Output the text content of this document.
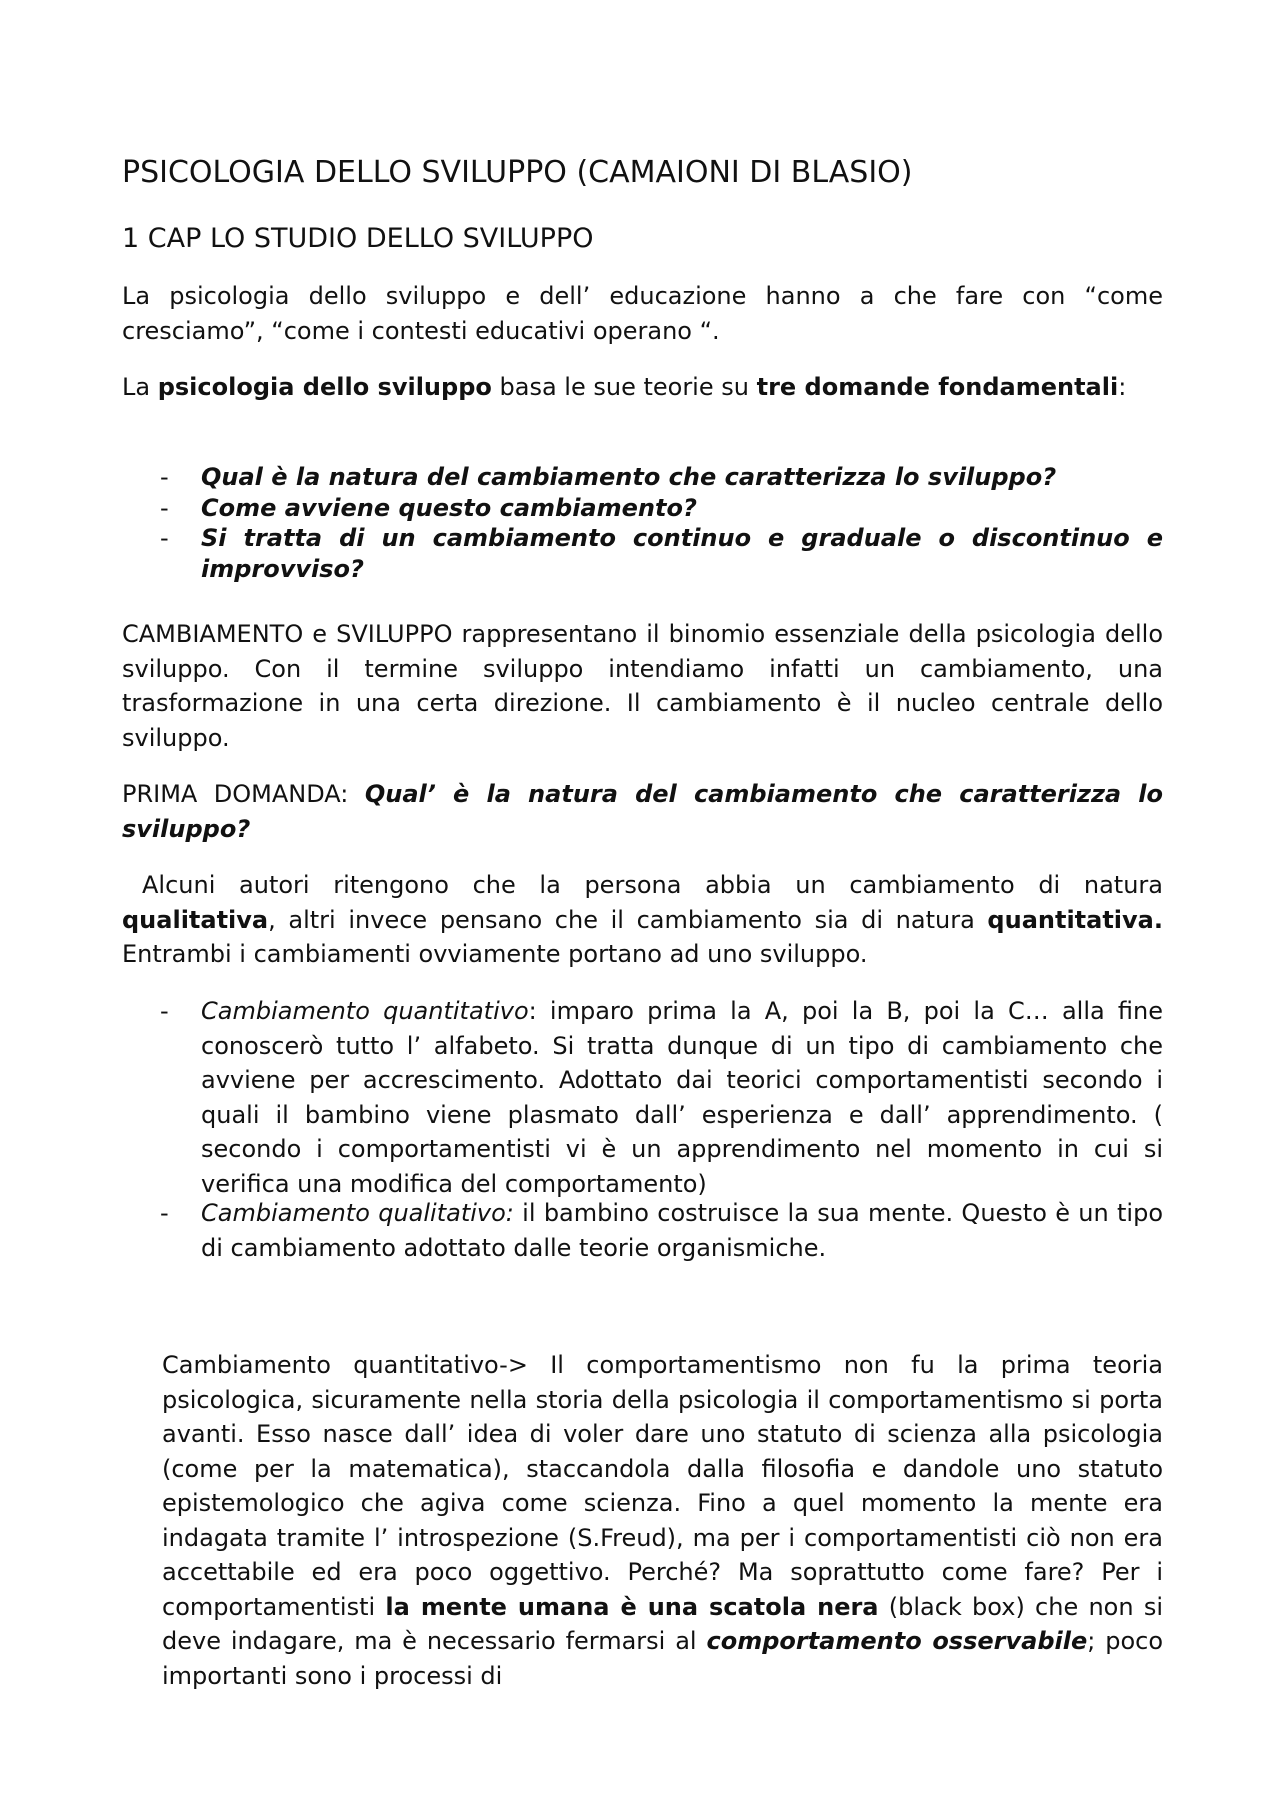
PSICOLOGIA DELLO SVILUPPO (CAMAIONI DI BLASIO)
1 CAP LO STUDIO DELLO SVILUPPO

La psicologia dello sviluppo e dell’ educazione hanno a che fare con “come cresciamo”, “come i contesti educativi operano “.

La psicologia dello sviluppo basa le sue teorie su tre domande fondamentali:

- Qual è la natura del cambiamento che caratterizza lo sviluppo?
- Come avviene questo cambiamento?
- Si tratta di un cambiamento continuo e graduale o discontinuo e improvviso?

CAMBIAMENTO e SVILUPPO rappresentano il binomio essenziale della psicologia dello sviluppo. Con il termine sviluppo intendiamo infatti un cambiamento, una trasformazione in una certa direzione. Il cambiamento è il nucleo centrale dello sviluppo.

PRIMA DOMANDA: Qual’ è la natura del cambiamento che caratterizza lo sviluppo?

Alcuni autori ritengono che la persona abbia un cambiamento di natura qualitativa, altri invece pensano che il cambiamento sia di natura quantitativa. Entrambi i cambiamenti ovviamente portano ad uno sviluppo.

- Cambiamento quantitativo: imparo prima la A, poi la B, poi la C… alla fine conoscerò tutto l’ alfabeto. Si tratta dunque di un tipo di cambiamento che avviene per accrescimento. Adottato dai teorici comportamentisti secondo i quali il bambino viene plasmato dall’ esperienza e dall’ apprendimento. ( secondo i comportamentisti vi è un apprendimento nel momento in cui si verifica una modifica del comportamento)
- Cambiamento qualitativo: il bambino costruisce la sua mente. Questo è un tipo di cambiamento adottato dalle teorie organismiche.

Cambiamento quantitativo-> Il comportamentismo non fu la prima teoria psicologica, sicuramente nella storia della psicologia il comportamentismo si porta avanti. Esso nasce dall’ idea di voler dare uno statuto di scienza alla psicologia (come per la matematica), staccandola dalla filosofia e dandole uno statuto epistemologico che agiva come scienza. Fino a quel momento la mente era indagata tramite l’ introspezione (S.Freud), ma per i comportamentisti ciò non era accettabile ed era poco oggettivo. Perché? Ma soprattutto come fare? Per i comportamentisti la mente umana è una scatola nera (black box) che non si deve indagare, ma è necessario fermarsi al comportamento osservabile; poco importanti sono i processi di
